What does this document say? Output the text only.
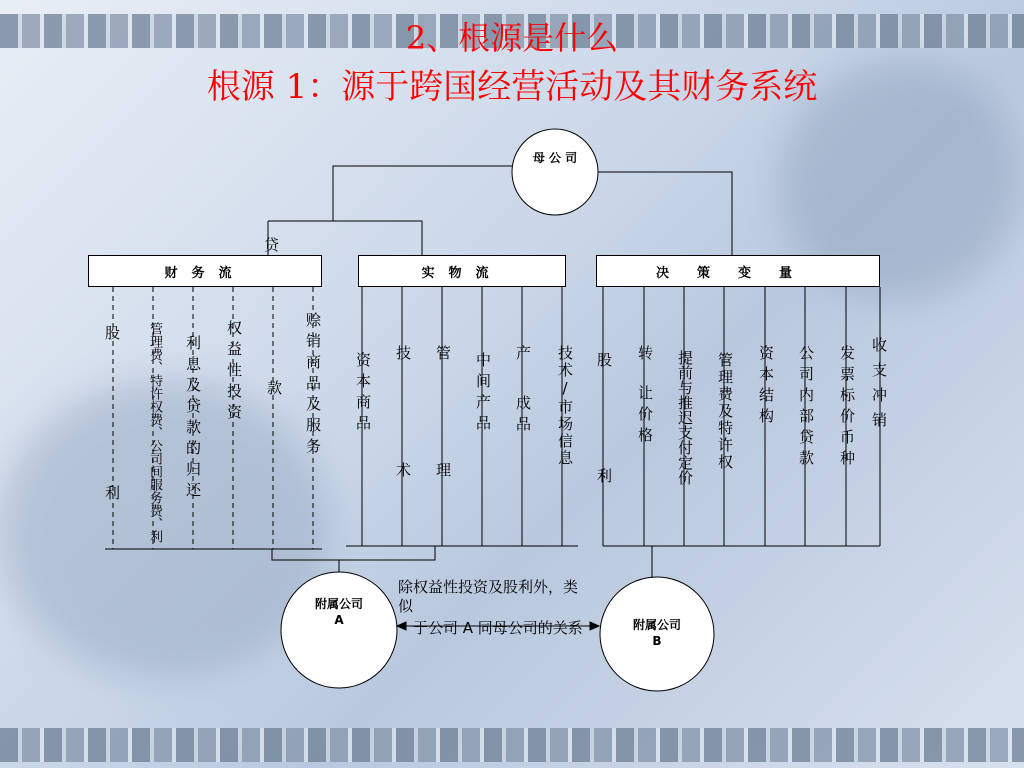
2、根源是什么
根源 1：源于跨国经营活动及其财务系统
母 公 司
附属公司
A	附属公司
B
贷
财务流	实物流	决策变量
股
利 管理费、特许权费、公司间服务费、利 利息及贷款的归还 权益性投资 款 赊销商品及服务 资本商品 技
术
管
理
中间产品 产
成品 技术/市场信息 股
利
转
让价格 提前与推迟支付定价 管理费及特许权 资本结构 公司内部贷款 发票标价币种 收支冲销
除权益性投资及股利外，类
似
于公司 A 同母公司的关系
